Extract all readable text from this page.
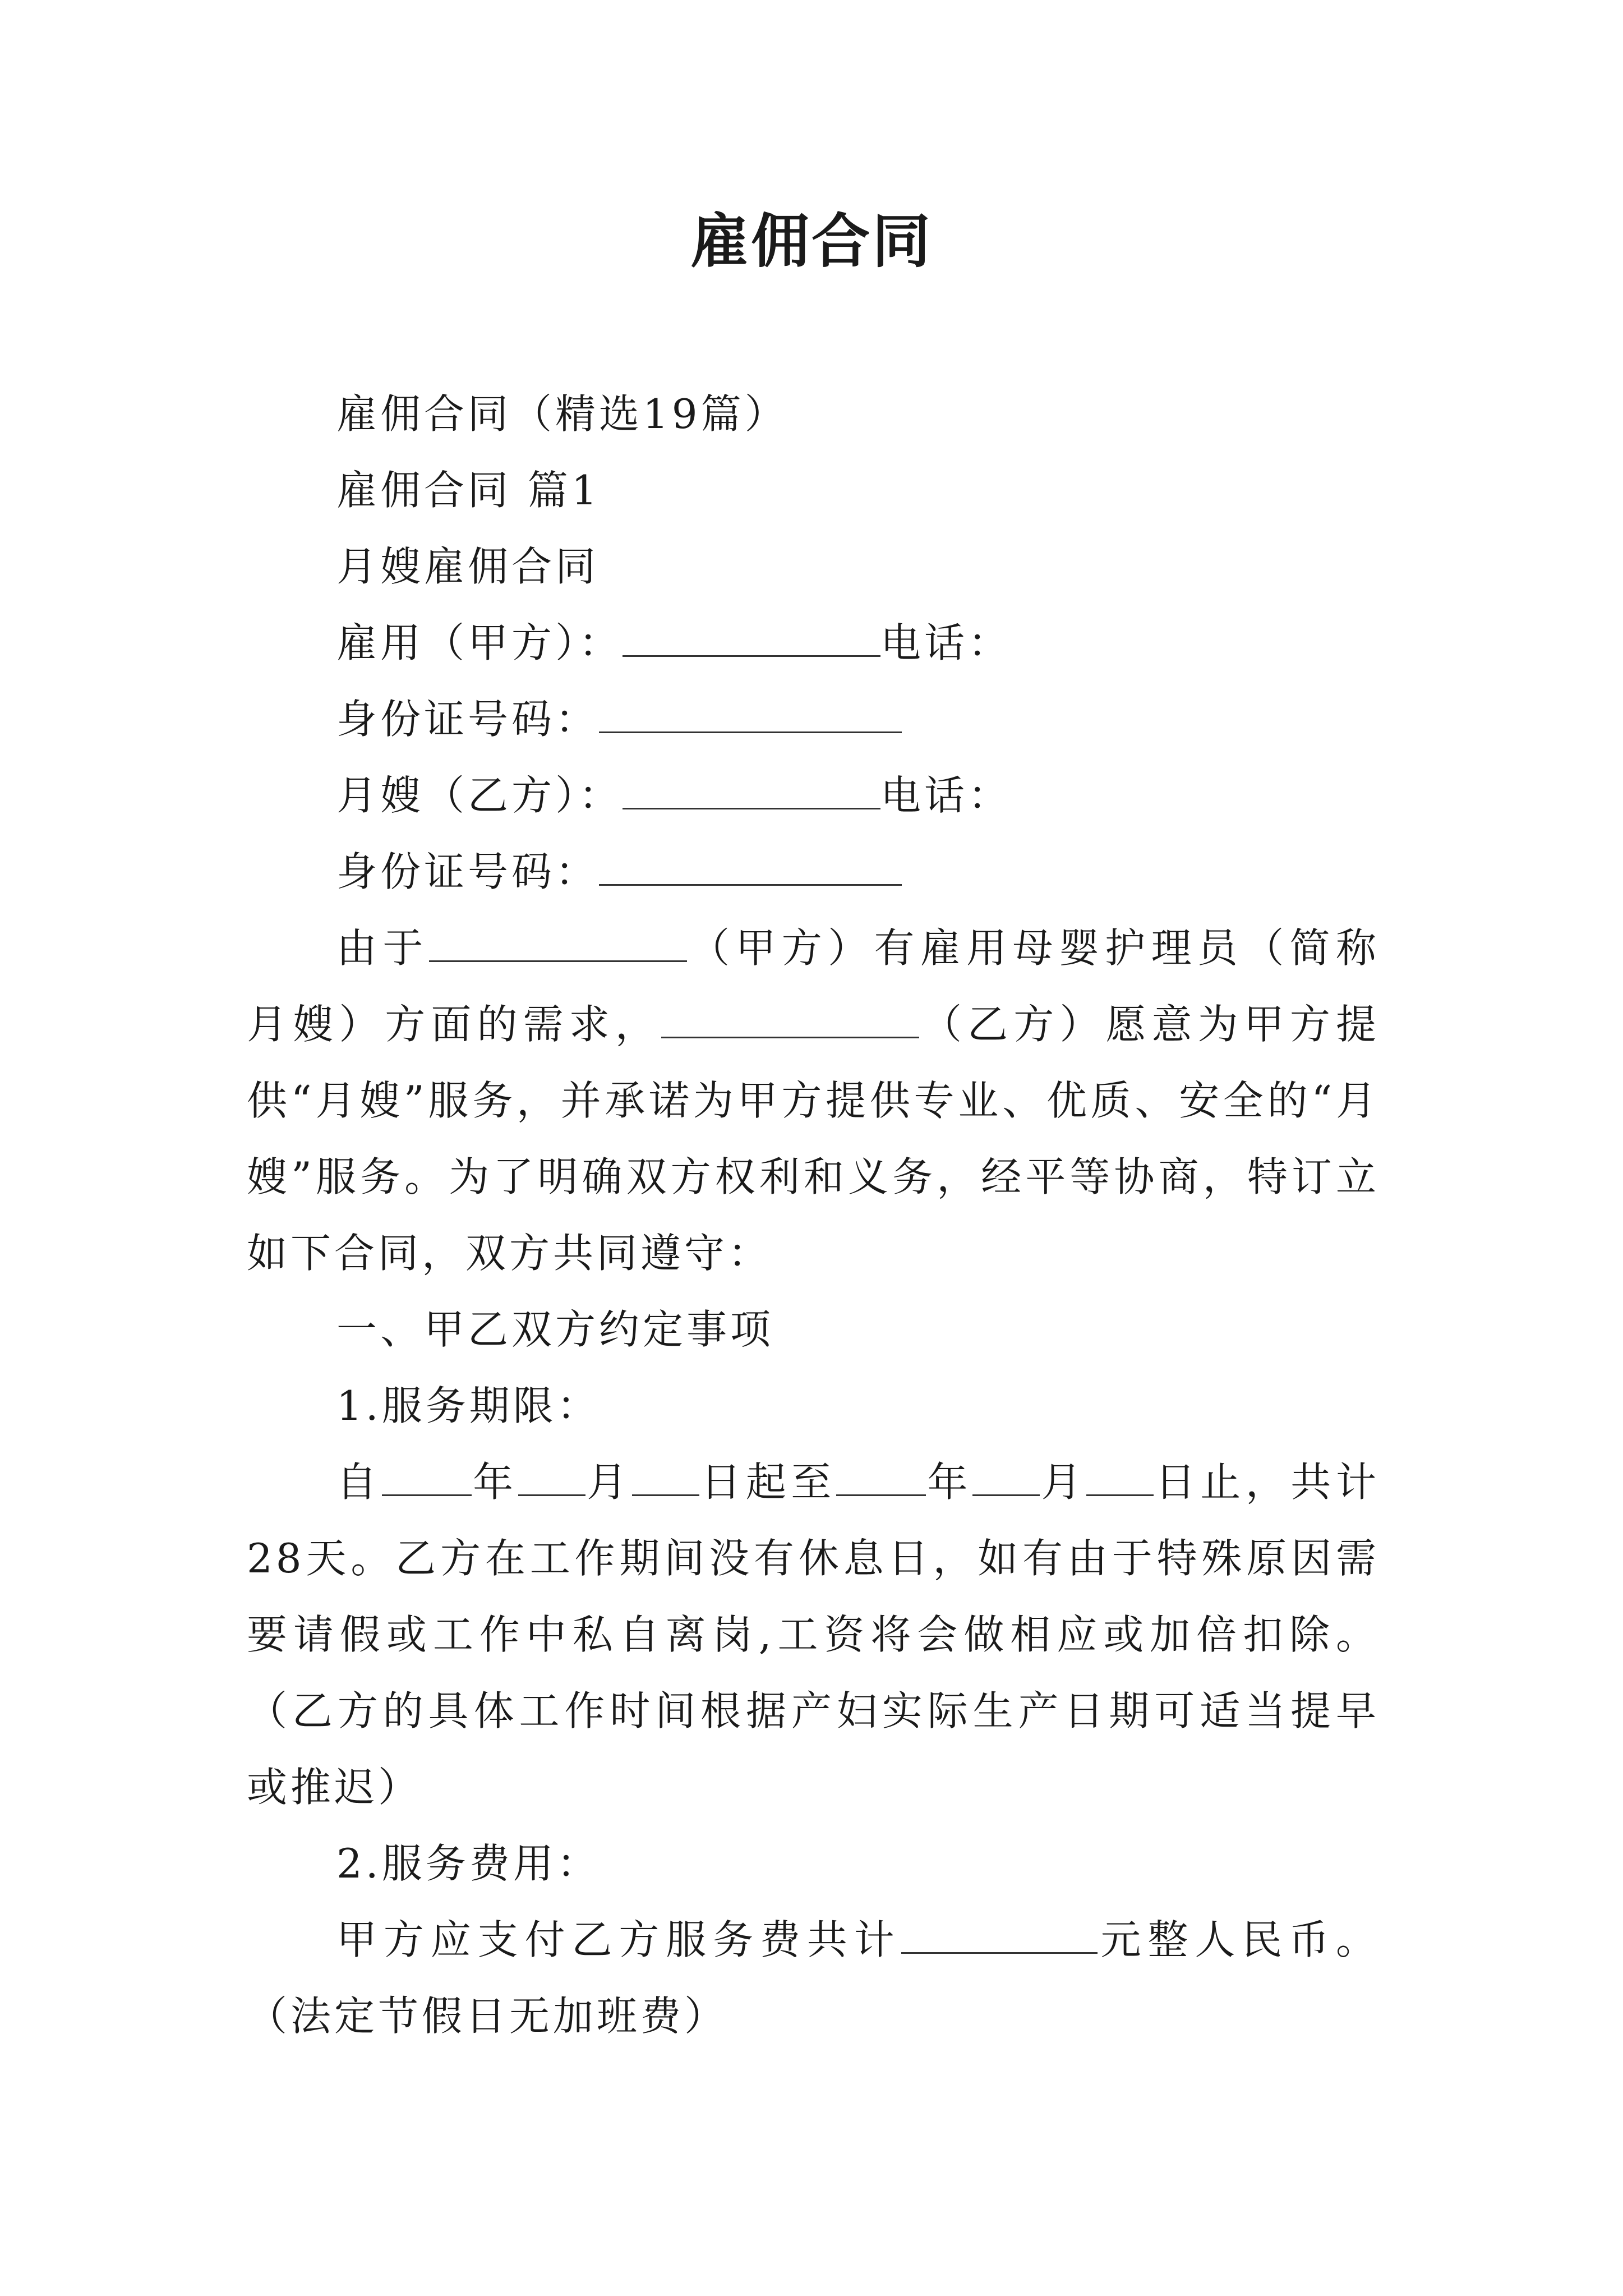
雇佣合同
雇佣合同（精选19篇）
雇佣合同 篇1
月嫂雇佣合同
雇用（甲方）：	电话：
身份证号码：
月嫂（乙方）：	电话：
身份证号码：
由于	（甲方）有雇用母婴护理员（简称月嫂）方面的需求，	（乙方）愿意为甲方提供“月嫂”服务，并承诺为甲方提供专业、优质、安全的“月嫂”服务。为了明确双方权利和义务，经平等协商，特订立如下合同，双方共同遵守：
一、甲乙双方约定事项
1.服务期限：
自 年 月 日起至 年 月 日止，共计28天。乙方在工作期间没有休息日，如有由于特殊原因需要请假或工作中私自离岗,工资将会做相应或加倍扣除。（乙方的具体工作时间根据产妇实际生产日期可适当提早或推迟）
2.服务费用：
甲方应支付乙方服务费共计	元整人民币。（法定节假日无加班费）
